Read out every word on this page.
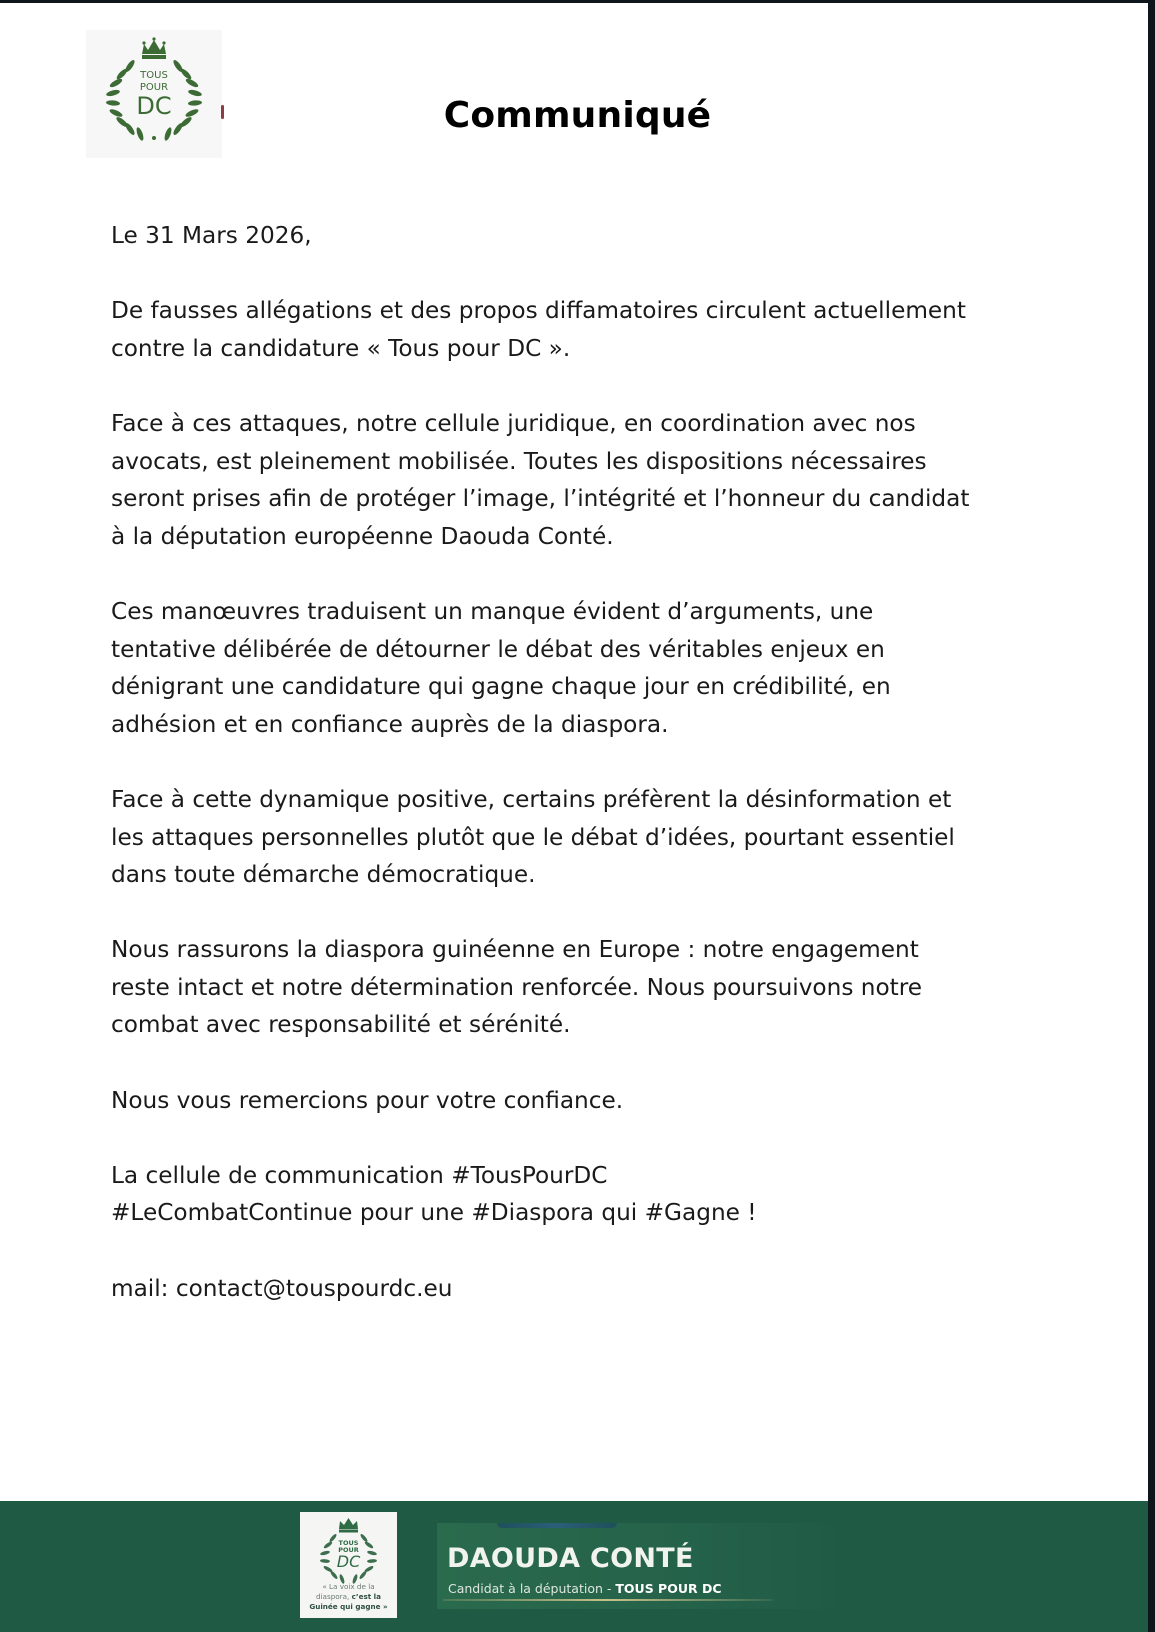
TOUS
POUR
DC	Communiqué

Le 31 Mars 2026,

De fausses allégations et des propos diffamatoires circulent actuellement
contre la candidature « Tous pour DC ».

Face à ces attaques, notre cellule juridique, en coordination avec nos
avocats, est pleinement mobilisée. Toutes les dispositions nécessaires
seront prises afin de protéger l’image, l’intégrité et l’honneur du candidat
à la députation européenne Daouda Conté.

Ces manœuvres traduisent un manque évident d’arguments, une
tentative délibérée de détourner le débat des véritables enjeux en
dénigrant une candidature qui gagne chaque jour en crédibilité, en
adhésion et en confiance auprès de la diaspora.

Face à cette dynamique positive, certains préfèrent la désinformation et
les attaques personnelles plutôt que le débat d’idées, pourtant essentiel
dans toute démarche démocratique.

Nous rassurons la diaspora guinéenne en Europe : notre engagement
reste intact et notre détermination renforcée. Nous poursuivons notre
combat avec responsabilité et sérénité.

Nous vous remercions pour votre confiance.

La cellule de communication #TousPourDC
#LeCombatContinue pour une #Diaspora qui #Gagne !

mail: contact@touspourdc.eu

TOUS
POUR
DC
« La voix de la
diaspora, c’est la
Guinée qui gagne »
DAOUDA CONTÉ
Candidat à la députation - TOUS POUR DC
